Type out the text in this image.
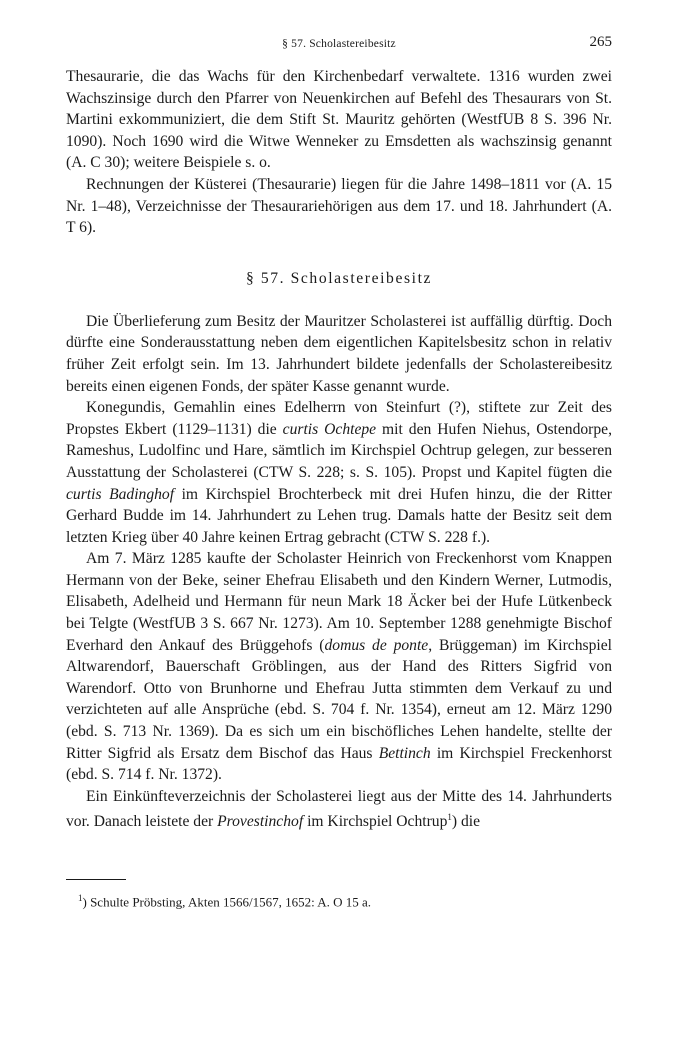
§ 57. Scholastereibesitz	265

Thesaurarie, die das Wachs für den Kirchenbedarf verwaltete. 1316 wurden zwei Wachszinsige durch den Pfarrer von Neuenkirchen auf Befehl des Thesaurars von St. Martini exkommuniziert, die dem Stift St. Mauritz gehörten (WestfUB 8 S. 396 Nr. 1090). Noch 1690 wird die Witwe Wenneker zu Emsdetten als wachszinsig genannt (A. C 30); weitere Beispiele s. o.

Rechnungen der Küsterei (Thesaurarie) liegen für die Jahre 1498–1811 vor (A. 15 Nr. 1–48), Verzeichnisse der Thesaurariehörigen aus dem 17. und 18. Jahrhundert (A. T 6).

§ 57. Scholastereibesitz

Die Überlieferung zum Besitz der Mauritzer Scholasterei ist auffällig dürftig. Doch dürfte eine Sonderausstattung neben dem eigentlichen Kapitelsbesitz schon in relativ früher Zeit erfolgt sein. Im 13. Jahrhundert bildete jedenfalls der Scholastereibesitz bereits einen eigenen Fonds, der später Kasse genannt wurde.

Konegundis, Gemahlin eines Edelherrn von Steinfurt (?), stiftete zur Zeit des Propstes Ekbert (1129–1131) die curtis Ochtepe mit den Hufen Niehus, Ostendorpe, Rameshus, Ludolfinc und Hare, sämtlich im Kirchspiel Ochtrup gelegen, zur besseren Ausstattung der Scholasterei (CTW S. 228; s. S. 105). Propst und Kapitel fügten die curtis Badinghof im Kirchspiel Brochterbeck mit drei Hufen hinzu, die der Ritter Gerhard Budde im 14. Jahrhundert zu Lehen trug. Damals hatte der Besitz seit dem letzten Krieg über 40 Jahre keinen Ertrag gebracht (CTW S. 228 f.).

Am 7. März 1285 kaufte der Scholaster Heinrich von Freckenhorst vom Knappen Hermann von der Beke, seiner Ehefrau Elisabeth und den Kindern Werner, Lutmodis, Elisabeth, Adelheid und Hermann für neun Mark 18 Äcker bei der Hufe Lütkenbeck bei Telgte (WestfUB 3 S. 667 Nr. 1273). Am 10. September 1288 genehmigte Bischof Everhard den Ankauf des Brüggehofs (domus de ponte, Brüggeman) im Kirchspiel Altwarendorf, Bauerschaft Gröblingen, aus der Hand des Ritters Sigfrid von Warendorf. Otto von Brunhorne und Ehefrau Jutta stimmten dem Verkauf zu und verzichteten auf alle Ansprüche (ebd. S. 704 f. Nr. 1354), erneut am 12. März 1290 (ebd. S. 713 Nr. 1369). Da es sich um ein bischöfliches Lehen handelte, stellte der Ritter Sigfrid als Ersatz dem Bischof das Haus Bettinch im Kirchspiel Freckenhorst (ebd. S. 714 f. Nr. 1372).

Ein Einkünfteverzeichnis der Scholasterei liegt aus der Mitte des 14. Jahrhunderts vor. Danach leistete der Provestinchof im Kirchspiel Ochtrup$^1$) die

$^1$) Schulte Pröbsting, Akten 1566/1567, 1652: A. O 15 a.
